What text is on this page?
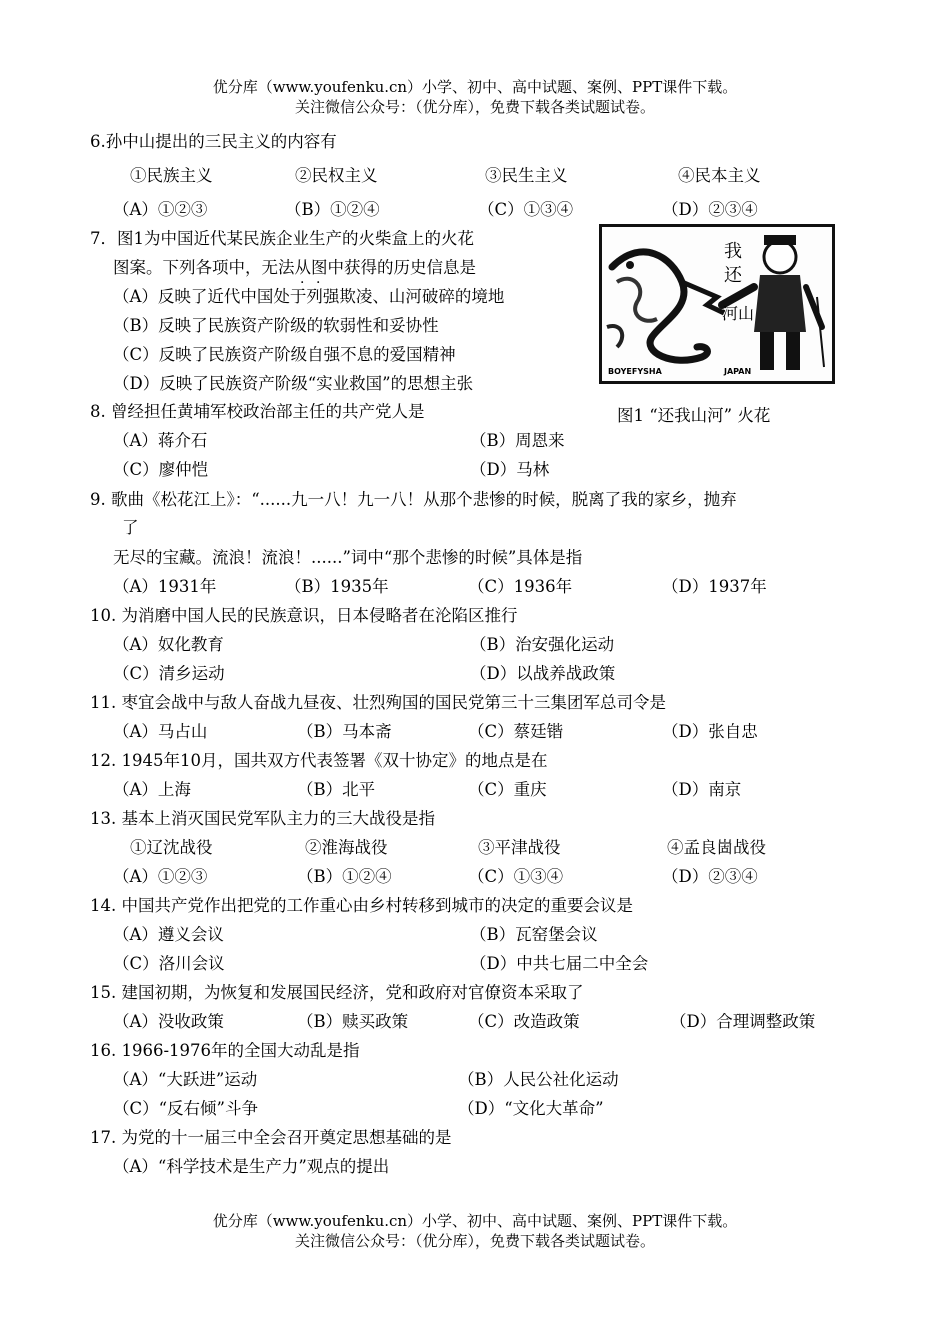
优分库（www.youfenku.cn）小学、初中、高中试题、案例、PPT课件下载。
关注微信公众号：（优分库），免费下载各类试题试卷。
6.孙中山提出的三民主义的内容有
①民族主义	②民权主义	③民生主义	④民本主义
（A）①②③	（B）①②④	（C）①③④	（D）②③④
7．图1为中国近代某民族企业生产的火柴盒上的火花
图案。下列各项中，无法从图中获得的历史信息是
· ·
（A）反映了近代中国处于列强欺凌、山河破碎的境地
（B）反映了民族资产阶级的软弱性和妥协性
（C）反映了民族资产阶级自强不息的爱国精神
（D）反映了民族资产阶级“实业救国”的思想主张
我还
河山
BOYEFYSHA	JAPAN
图1 “还我山河” 火花
8. 曾经担任黄埔军校政治部主任的共产党人是
（A）蒋介石	（B）周恩来
（C）廖仲恺	（D）马林
9. 歌曲《松花江上》：“......九一八！九一八！从那个悲惨的时候，脱离了我的家乡，抛弃
了
无尽的宝藏。流浪！流浪！......”词中“那个悲惨的时候”具体是指
（A）1931年	（B）1935年	（C）1936年	（D）1937年
10. 为消磨中国人民的民族意识，日本侵略者在沦陷区推行
（A）奴化教育	（B）治安强化运动
（C）清乡运动	（D）以战养战政策
11. 枣宜会战中与敌人奋战九昼夜、壮烈殉国的国民党第三十三集团军总司令是
（A）马占山	（B）马本斋	（C）蔡廷锴	（D）张自忠
12. 1945年10月，国共双方代表签署《双十协定》的地点是在
（A）上海	（B）北平	（C）重庆	（D）南京
13. 基本上消灭国民党军队主力的三大战役是指
①辽沈战役	②淮海战役	③平津战役	④孟良崮战役
（A）①②③	（B）①②④	（C）①③④	（D）②③④
14. 中国共产党作出把党的工作重心由乡村转移到城市的决定的重要会议是
（A）遵义会议	（B）瓦窑堡会议
（C）洛川会议	（D）中共七届二中全会
15. 建国初期，为恢复和发展国民经济，党和政府对官僚资本采取了
（A）没收政策	（B）赎买政策	（C）改造政策	（D）合理调整政策
16. 1966-1976年的全国大动乱是指
（A）“大跃进”运动	（B）人民公社化运动
（C）“反右倾”斗争	（D）“文化大革命”
17. 为党的十一届三中全会召开奠定思想基础的是
（A）“科学技术是生产力”观点的提出
优分库（www.youfenku.cn）小学、初中、高中试题、案例、PPT课件下载。
关注微信公众号：（优分库），免费下载各类试题试卷。
